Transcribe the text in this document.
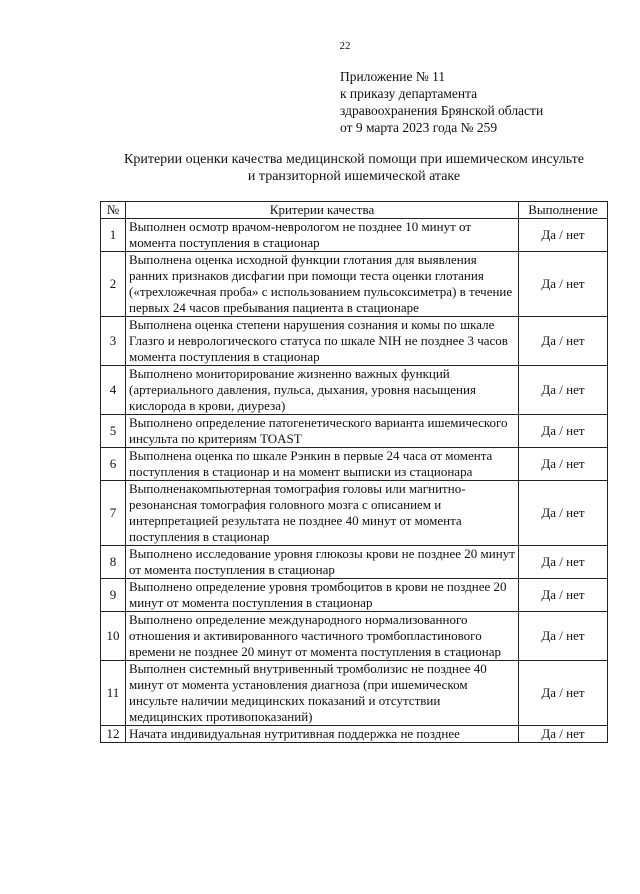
22
Приложение № 11
к приказу департамента
здравоохранения Брянской области
от 9 марта 2023 года № 259
Критерии оценки качества медицинской помощи при ишемическом инсульте
и транзиторной ишемической атаке
№	Критерии качества	Выполнение
1	Выполнен осмотр врачом-неврологом не позднее 10 минут от момента поступления в стационар	Да / нет
2	Выполнена оценка исходной функции глотания для выявления ранних признаков дисфагии при помощи теста оценки глотания («трехложечная проба» с использованием пульсоксиметра) в течение первых 24 часов пребывания пациента в стационаре	Да / нет
3	Выполнена оценка степени нарушения сознания и комы по шкале Глазго и неврологического статуса по шкале NIH не позднее 3 часов момента поступления в стационар	Да / нет
4	Выполнено мониторирование жизненно важных функций (артериального давления, пульса, дыхания, уровня насыщения кислорода в крови, диуреза)	Да / нет
5	Выполнено определение патогенетического варианта ишемического инсульта по критериям TOAST	Да / нет
6	Выполнена оценка по шкале Рэнкин в первые 24 часа от момента поступления в стационар и на момент выписки из стационара	Да / нет
7	Выполненакомпьютерная томография головы или магнитно-резонансная томография головного мозга с описанием и интерпретацией результата не позднее 40 минут от момента поступления в стационар	Да / нет
8	Выполнено исследование уровня глюкозы крови не позднее 20 минут от момента поступления в стационар	Да / нет
9	Выполнено определение уровня тромбоцитов в крови не позднее 20 минут от момента поступления в стационар	Да / нет
10	Выполнено определение международного нормализованного отношения и активированного частичного тромбопластинового времени не позднее 20 минут от момента поступления в стационар	Да / нет
11	Выполнен системный внутривенный тромболизис не позднее 40 минут от момента установления диагноза (при ишемическом инсульте наличии медицинских показаний и отсутствии медицинских противопоказаний)	Да / нет
12	Начата индивидуальная нутритивная поддержка не позднее	Да / нет
